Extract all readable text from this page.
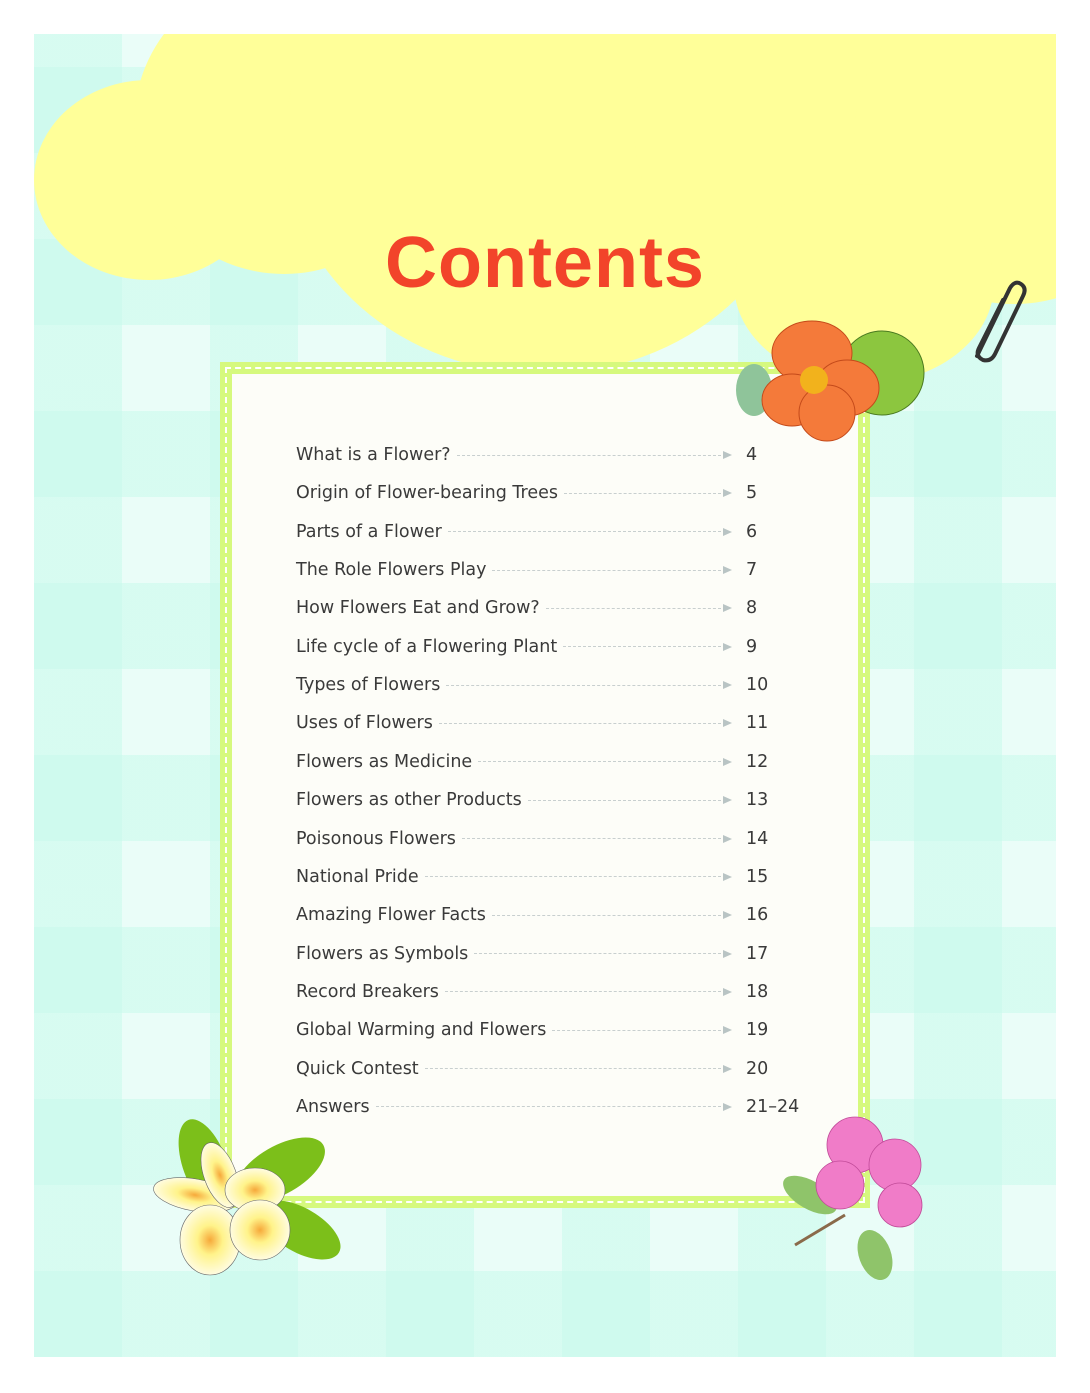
Contents
What is a Flower?	4
Origin of Flower-bearing Trees	5
Parts of a Flower	6
The Role Flowers Play	7
How Flowers Eat and Grow?	8
Life cycle of a Flowering Plant	9
Types of Flowers	10
Uses of Flowers	11
Flowers as Medicine	12
Flowers as other Products	13
Poisonous Flowers	14
National Pride	15
Amazing Flower Facts	16
Flowers as Symbols	17
Record Breakers	18
Global Warming and Flowers	19
Quick Contest	20
Answers	21–24
